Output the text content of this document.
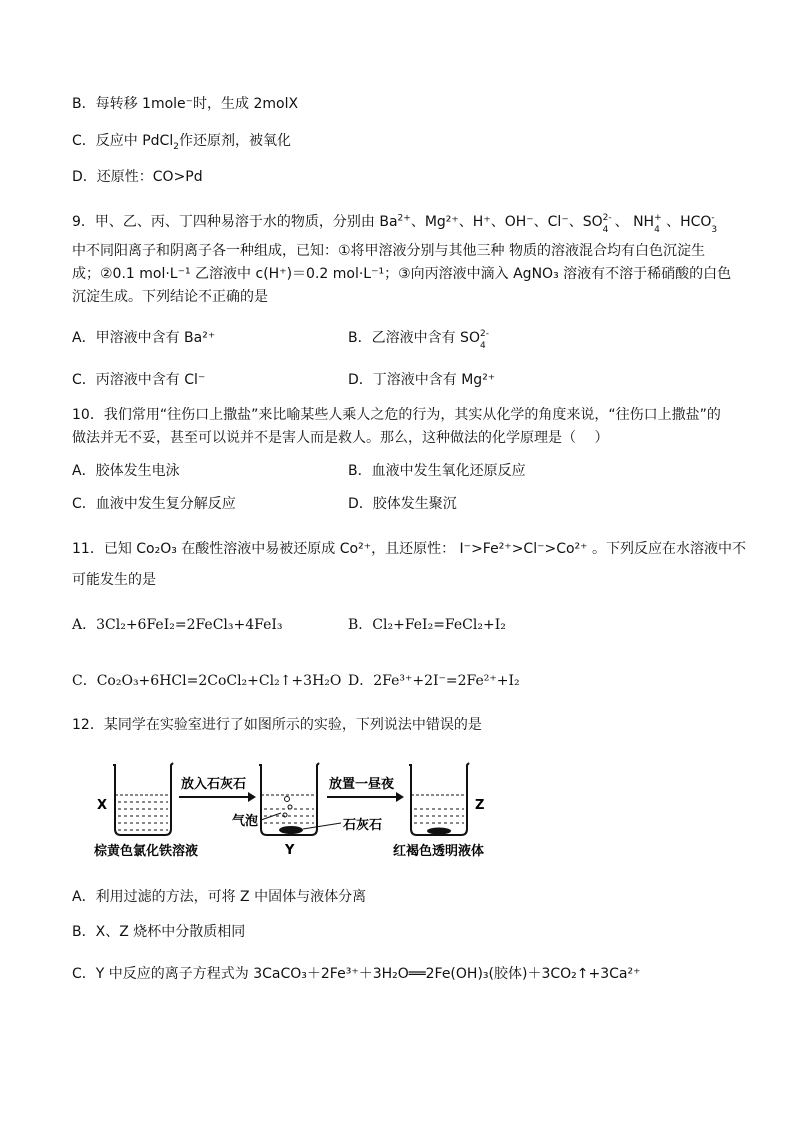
B．每转移 1mole⁻时，生成 2molX
C．反应中 PdCl$_2$作还原剂，被氧化
D．还原性：CO>Pd
9．甲、乙、丙、丁四种易溶于水的物质，分别由 $Ba^{2+}$、Mg²⁺、H⁺、OH⁻、Cl⁻、SO 2-
4 、 NH +
4 、HCO -
3
中不同阳离子和阴离子各一种组成，已知：①将甲溶液分别与其他三种 物质的溶液混合均有白色沉淀生
成；②0.1 mol·L⁻¹ 乙溶液中 c(H⁺)＝0.2 mol·L⁻¹；③向丙溶液中滴入 AgNO₃ 溶液有不溶于稀硝酸的白色
沉淀生成。下列结论不正确的是
A．甲溶液中含有 Ba²⁺	B．乙溶液中含有 SO 2-
4
C．丙溶液中含有 Cl⁻	D．丁溶液中含有 Mg²⁺
10．我们常用“往伤口上撒盐”来比喻某些人乘人之危的行为，其实从化学的角度来说，“往伤口上撒盐”的
做法并无不妥，甚至可以说并不是害人而是救人。那么，这种做法的化学原理是（　 ）
A．胶体发生电泳	B．血液中发生氧化还原反应
C．血液中发生复分解反应	D．胶体发生聚沉
11．已知 Co₂O₃ 在酸性溶液中易被还原成 Co²⁺，且还原性： I⁻>Fe²⁺>Cl⁻>Co²⁺ 。下列反应在水溶液中不
可能发生的是
A．3Cl₂+6FeI₂=2FeCl₃+4FeI₃	B．Cl₂+FeI₂=FeCl₂+I₂
C．Co₂O₃+6HCl=2CoCl₂+Cl₂↑+3H₂O D．2Fe³⁺+2I⁻=2Fe²⁺+I₂
12．某同学在实验室进行了如图所示的实验，下列说法中错误的是
X
棕黄色氯化铁溶液
放入石灰石
气泡
Y
石灰石
放置一昼夜
Z
红褐色透明液体
A．利用过滤的方法，可将 Z 中固体与液体分离
B．X、Z 烧杯中分散质相同
C．Y 中反应的离子方程式为 3CaCO₃＋2Fe³⁺＋3H₂O══2Fe(OH)₃(胶体)＋3CO₂↑+3Ca²⁺
